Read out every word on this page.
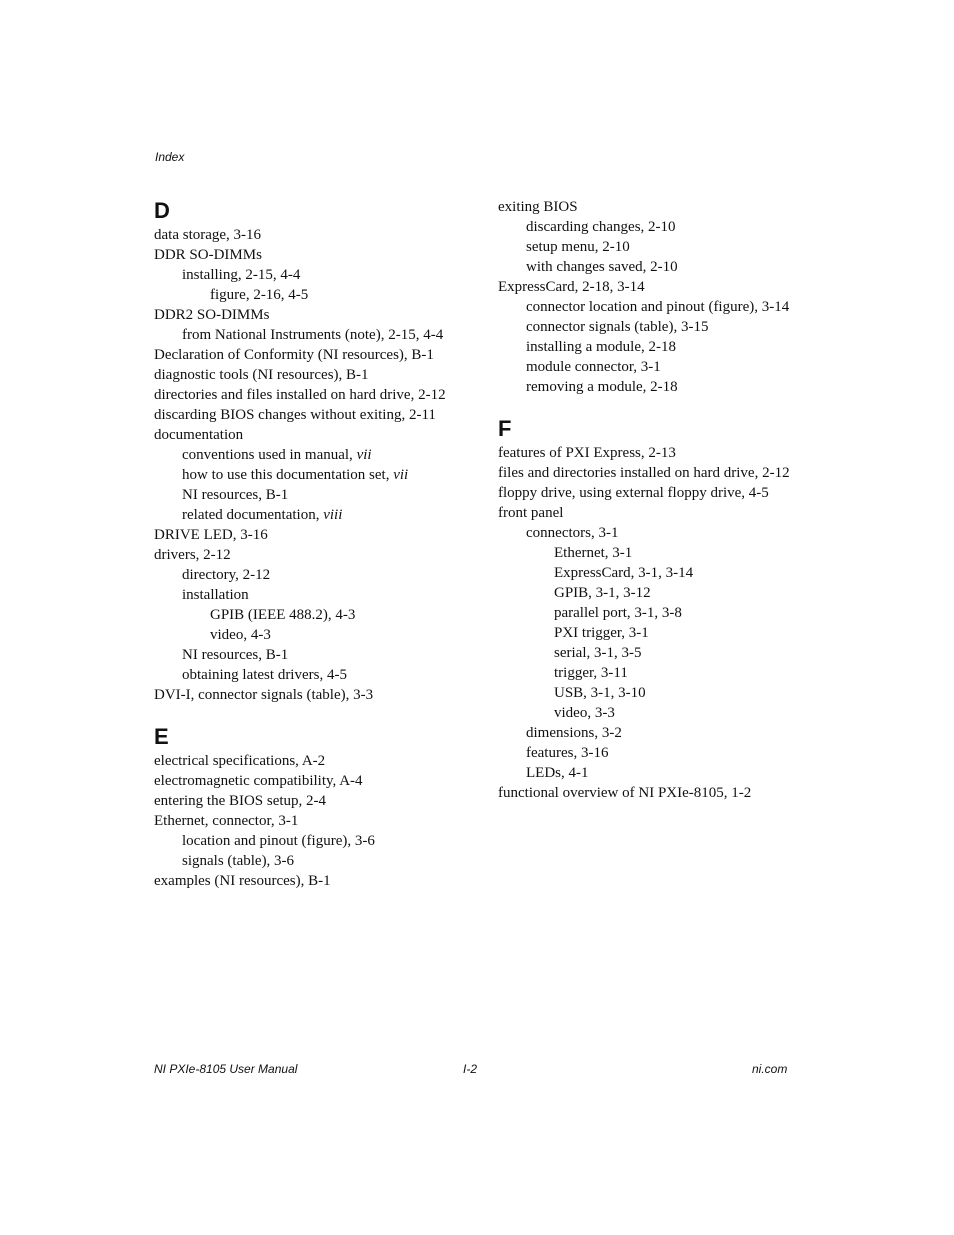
Index
D
data storage, 3-16
DDR SO-DIMMs
installing, 2-15, 4-4
figure, 2-16, 4-5
DDR2 SO-DIMMs
from National Instruments (note), 2-15, 4-4
Declaration of Conformity (NI resources), B-1
diagnostic tools (NI resources), B-1
directories and files installed on hard drive, 2-12
discarding BIOS changes without exiting, 2-11
documentation
conventions used in manual, vii
how to use this documentation set, vii
NI resources, B-1
related documentation, viii
DRIVE LED, 3-16
drivers, 2-12
directory, 2-12
installation
GPIB (IEEE 488.2), 4-3
video, 4-3
NI resources, B-1
obtaining latest drivers, 4-5
DVI-I, connector signals (table), 3-3
E
electrical specifications, A-2
electromagnetic compatibility, A-4
entering the BIOS setup, 2-4
Ethernet, connector, 3-1
location and pinout (figure), 3-6
signals (table), 3-6
examples (NI resources), B-1
exiting BIOS
discarding changes, 2-10
setup menu, 2-10
with changes saved, 2-10
ExpressCard, 2-18, 3-14
connector location and pinout (figure), 3-14
connector signals (table), 3-15
installing a module, 2-18
module connector, 3-1
removing a module, 2-18
F
features of PXI Express, 2-13
files and directories installed on hard drive, 2-12
floppy drive, using external floppy drive, 4-5
front panel
connectors, 3-1
Ethernet, 3-1
ExpressCard, 3-1, 3-14
GPIB, 3-1, 3-12
parallel port, 3-1, 3-8
PXI trigger, 3-1
serial, 3-1, 3-5
trigger, 3-11
USB, 3-1, 3-10
video, 3-3
dimensions, 3-2
features, 3-16
LEDs, 4-1
functional overview of NI PXIe-8105, 1-2
NI PXIe-8105 User Manual	I-2	ni.com
